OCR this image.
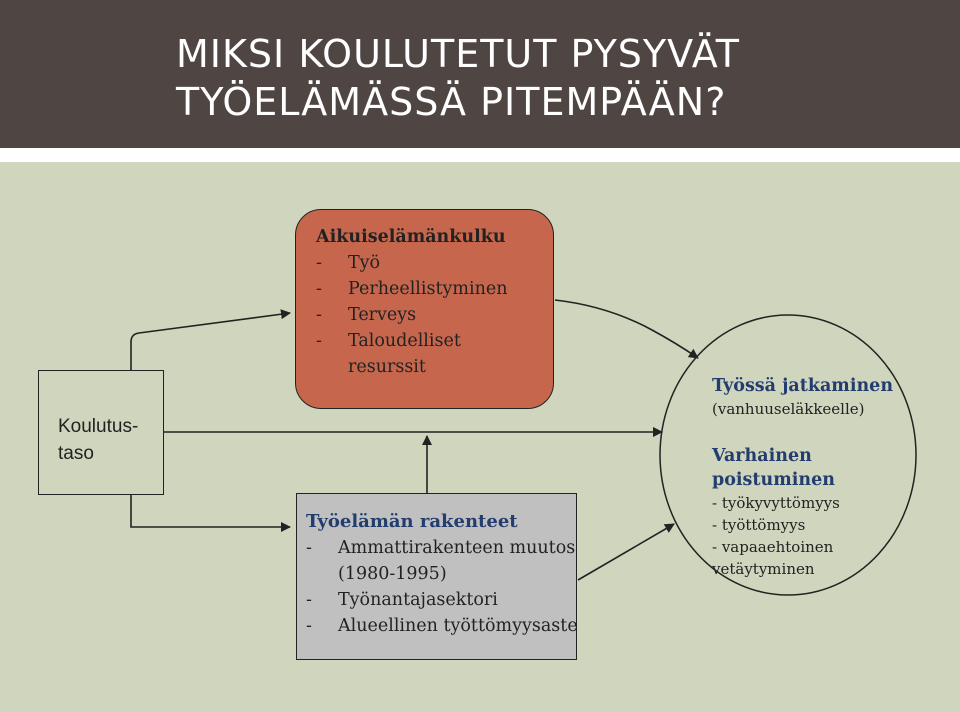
MIKSI KOULUTETUT PYSYVÄT
TYÖELÄMÄSSÄ PITEMPÄÄN?
Koulutus-
taso
Aikuiselämänkulku
- Työ
- Perheellistyminen
- Terveys
- Taloudelliset
resurssit
Työelämän rakenteet
- Ammattirakenteen muutos
(1980-1995)
- Työnantajasektori
- Alueellinen työttömyysaste
Työssä jatkaminen
(vanhuuseläkkeelle)
Varhainen
poistuminen
- työkyvyttömyys
- työttömyys
- vapaaehtoinen
vetäytyminen
